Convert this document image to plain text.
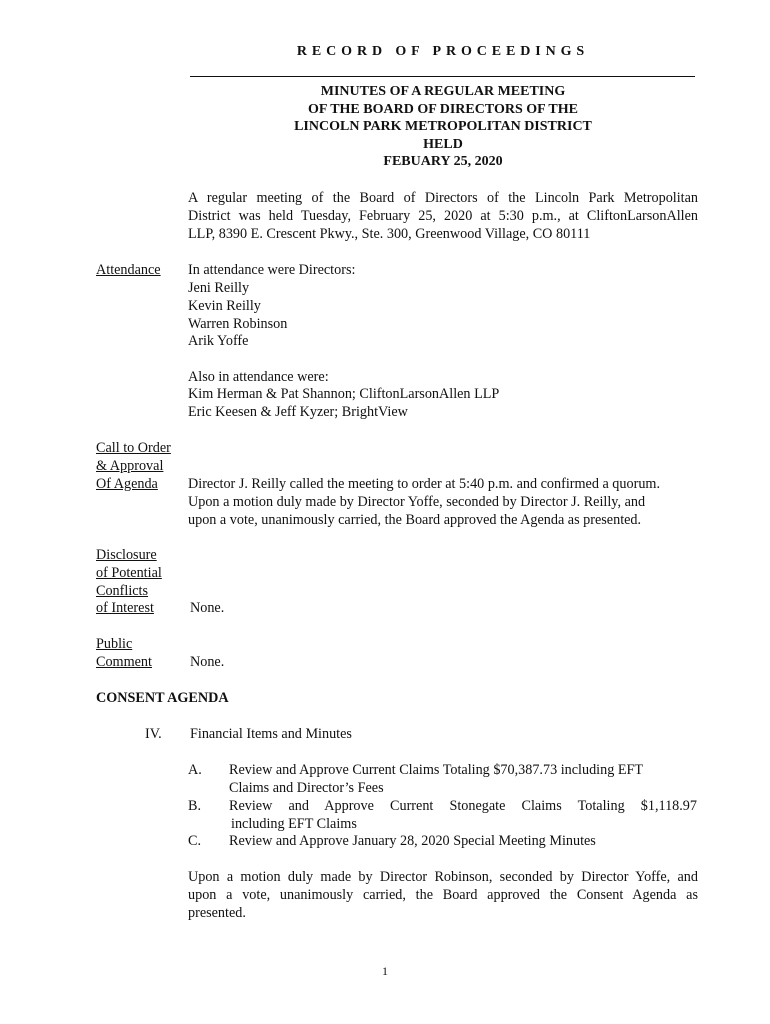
RECORD OF PROCEEDINGS
MINUTES OF A REGULAR MEETING
OF THE BOARD OF DIRECTORS OF THE
LINCOLN PARK METROPOLITAN DISTRICT
HELD
FEBUARY 25, 2020
A regular meeting of the Board of Directors of the Lincoln Park Metropolitan
District was held Tuesday, February 25, 2020 at 5:30 p.m., at CliftonLarsonAllen
LLP, 8390 E. Crescent Pkwy., Ste. 300, Greenwood Village, CO 80111
Attendance In attendance were Directors:
Jeni Reilly
Kevin Reilly
Warren Robinson
Arik Yoffe
Also in attendance were:
Kim Herman & Pat Shannon; CliftonLarsonAllen LLP
Eric Keesen & Jeff Kyzer; BrightView
Call to Order
& Approval
Of Agenda Director J. Reilly called the meeting to order at 5:40 p.m. and confirmed a quorum.
Upon a motion duly made by Director Yoffe, seconded by Director J. Reilly, and
upon a vote, unanimously carried, the Board approved the Agenda as presented.
Disclosure
of Potential
Conflicts
of Interest	None.
Public
Comment	None.
CONSENT AGENDA
IV. Financial Items and Minutes
A. Review and Approve Current Claims Totaling $70,387.73 including EFT
Claims and Director’s Fees
B. Review and Approve Current Stonegate Claims Totaling $1,118.97
including EFT Claims
C. Review and Approve January 28, 2020 Special Meeting Minutes
Upon a motion duly made by Director Robinson, seconded by Director Yoffe, and
upon a vote, unanimously carried, the Board approved the Consent Agenda as
presented.
1
